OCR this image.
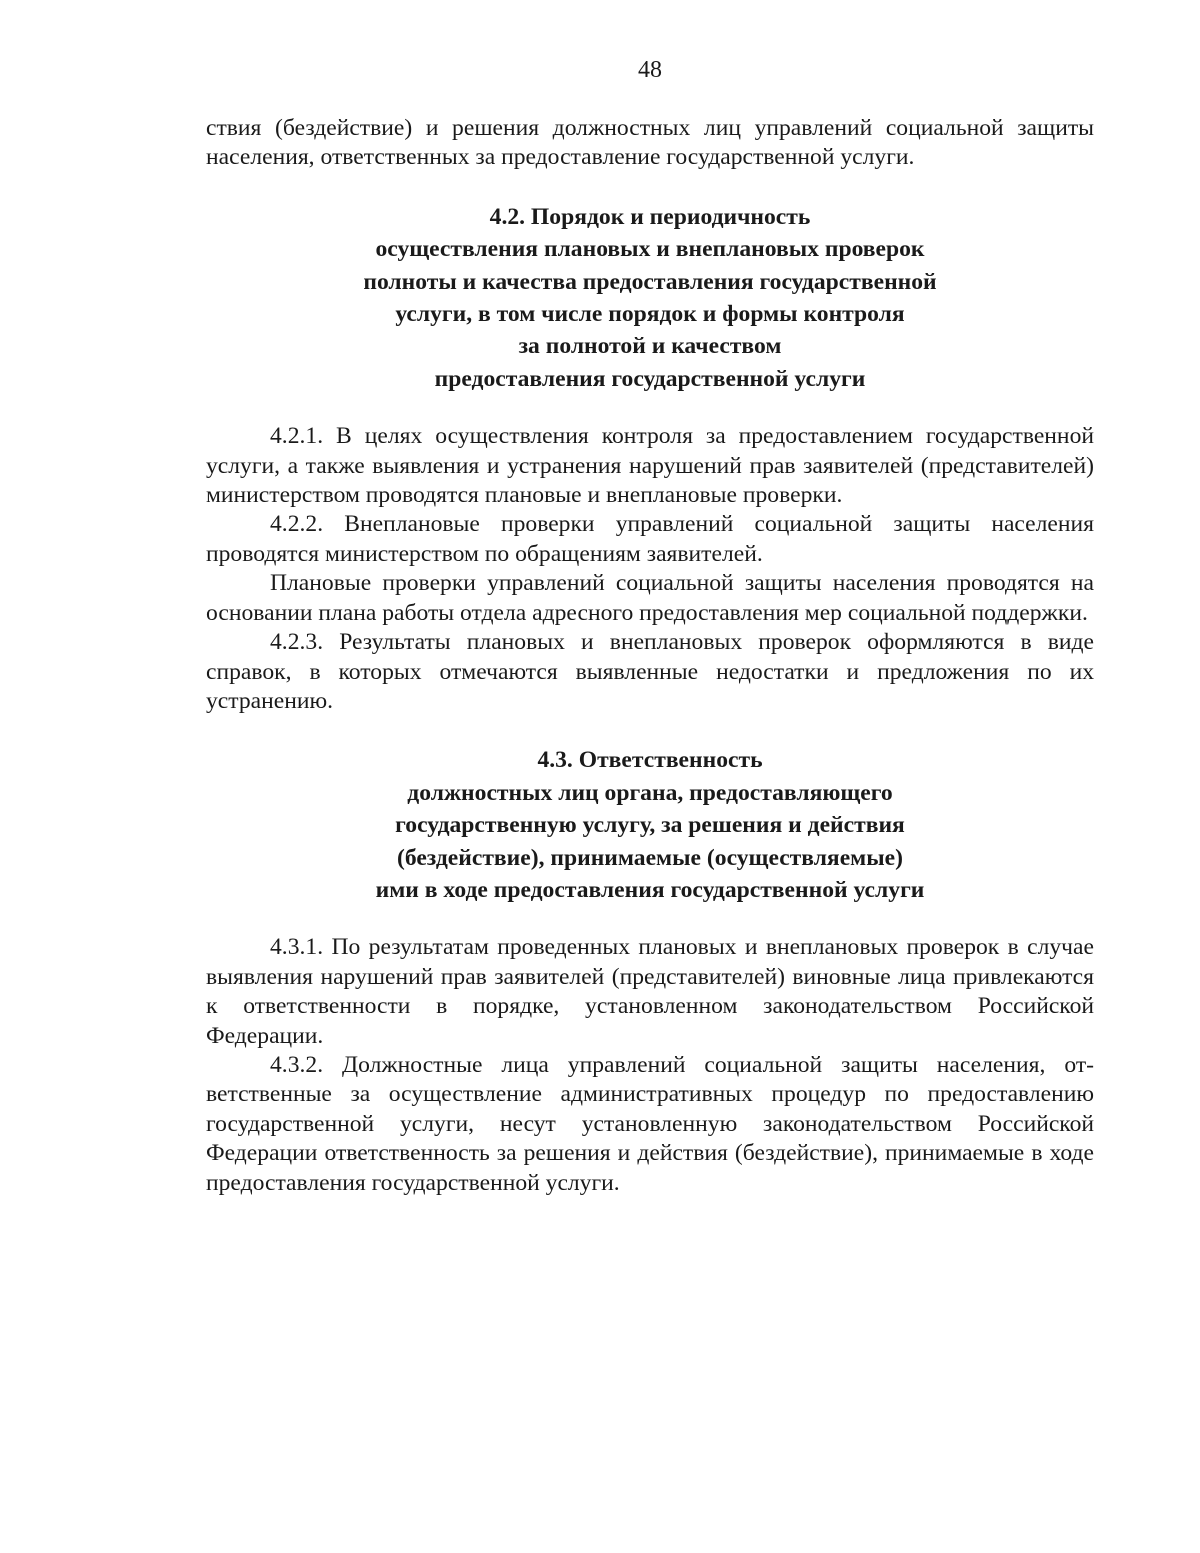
48

ствия (бездействие) и решения должностных лиц управлений социальной защиты населения, ответственных за предоставление государственной услуги.

4.2. Порядок и периодичность
осуществления плановых и внеплановых проверок
полноты и качества предоставления государственной
услуги, в том числе порядок и формы контроля
за полнотой и качеством
предоставления государственной услуги

4.2.1. В целях осуществления контроля за предоставлением государственной услуги, а также выявления и устранения нарушений прав заявителей (представителей) министерством проводятся плановые и внеплановые проверки.

4.2.2. Внеплановые проверки управлений социальной защиты населения проводятся министерством по обращениям заявителей.

Плановые проверки управлений социальной защиты населения проводятся на основании плана работы отдела адресного предоставления мер социальной поддержки.

4.2.3. Результаты плановых и внеплановых проверок оформляются в виде справок, в которых отмечаются выявленные недостатки и предложения по их устранению.

4.3. Ответственность
должностных лиц органа, предоставляющего
государственную услугу, за решения и действия
(бездействие), принимаемые (осуществляемые)
ими в ходе предоставления государственной услуги

4.3.1. По результатам проведенных плановых и внеплановых проверок в случае выявления нарушений прав заявителей (представителей) виновные лица привлекаются к ответственности в порядке, установленном законодательством Российской Федерации.

4.3.2. Должностные лица управлений социальной защиты населения, ответственные за осуществление административных процедур по предоставлению государственной услуги, несут установленную законодательством Российской Федерации ответственность за решения и действия (бездействие), принимаемые в ходе предоставления государственной услуги.
